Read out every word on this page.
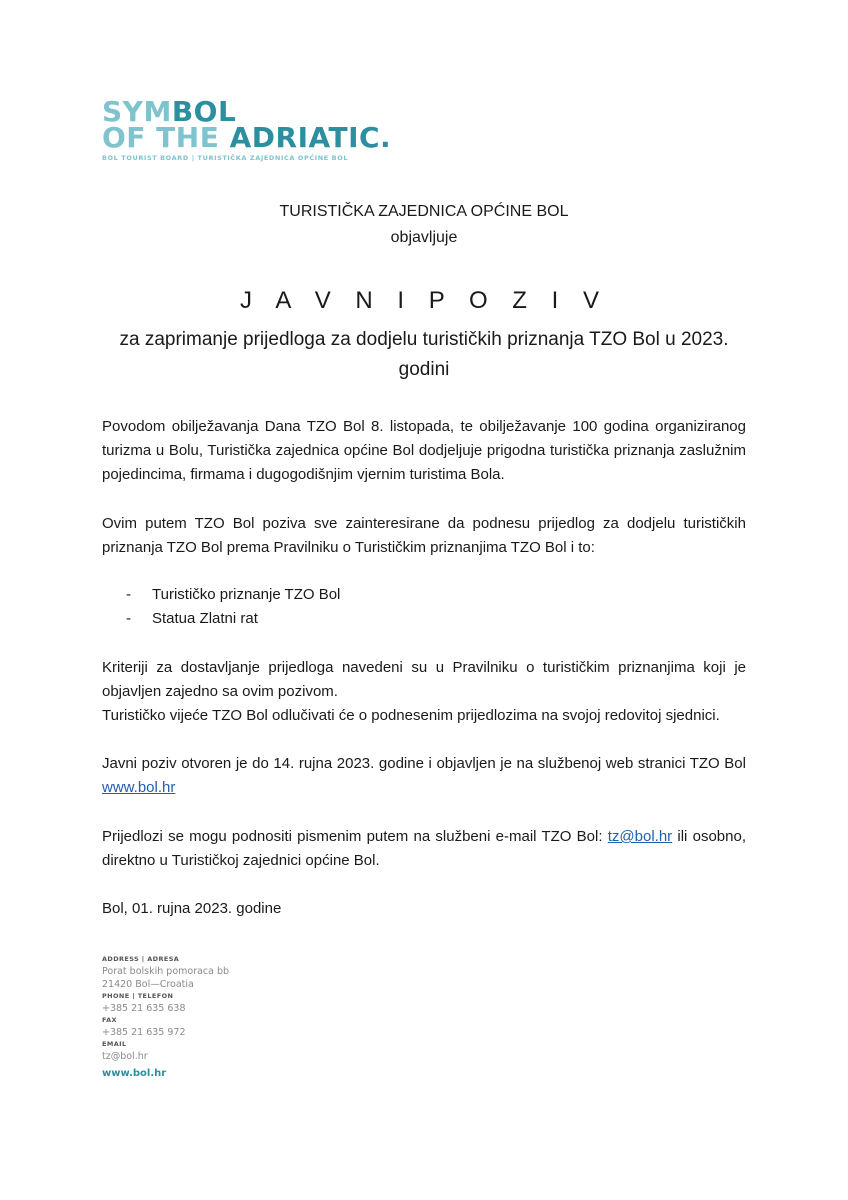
SYMBOL
OF THE ADRIATIC.
BOL TOURIST BOARD | TURISTIČKA ZAJEDNICA OPĆINE BOL
TURISTIČKA ZAJEDNICA OPĆINE BOL
objavljuje
J A V N I P O Z I V
za zaprimanje prijedloga za dodjelu turističkih priznanja TZO Bol u 2023. godini
Povodom obilježavanja Dana TZO Bol 8. listopada, te obilježavanje 100 godina organiziranog turizma u Bolu, Turistička zajednica općine Bol dodjeljuje prigodna turistička priznanja zaslužnim pojedincima, firmama i dugogodišnjim vjernim turistima Bola.
Ovim putem TZO Bol poziva sve zainteresirane da podnesu prijedlog za dodjelu turističkih priznanja TZO Bol prema Pravilniku o Turističkim priznanjima TZO Bol i to:
- Turističko priznanje TZO Bol
- Statua Zlatni rat
Kriteriji za dostavljanje prijedloga navedeni su u Pravilniku o turističkim priznanjima koji je objavljen zajedno sa ovim pozivom.
Turističko vijeće TZO Bol odlučivati će o podnesenim prijedlozima na svojoj redovitoj sjednici.
Javni poziv otvoren je do 14. rujna 2023. godine i objavljen je na službenoj web stranici TZO Bol www.bol.hr
Prijedlozi se mogu podnositi pismenim putem na službeni e-mail TZO Bol: tz@bol.hr ili osobno, direktno u Turističkoj zajednici općine Bol.
Bol, 01. rujna 2023. godine
ADDRESS | ADRESA
Porat bolskih pomoraca bb
21420 Bol—Croatia
PHONE | TELEFON
+385 21 635 638
FAX
+385 21 635 972
EMAIL
tz@bol.hr
www.bol.hr
